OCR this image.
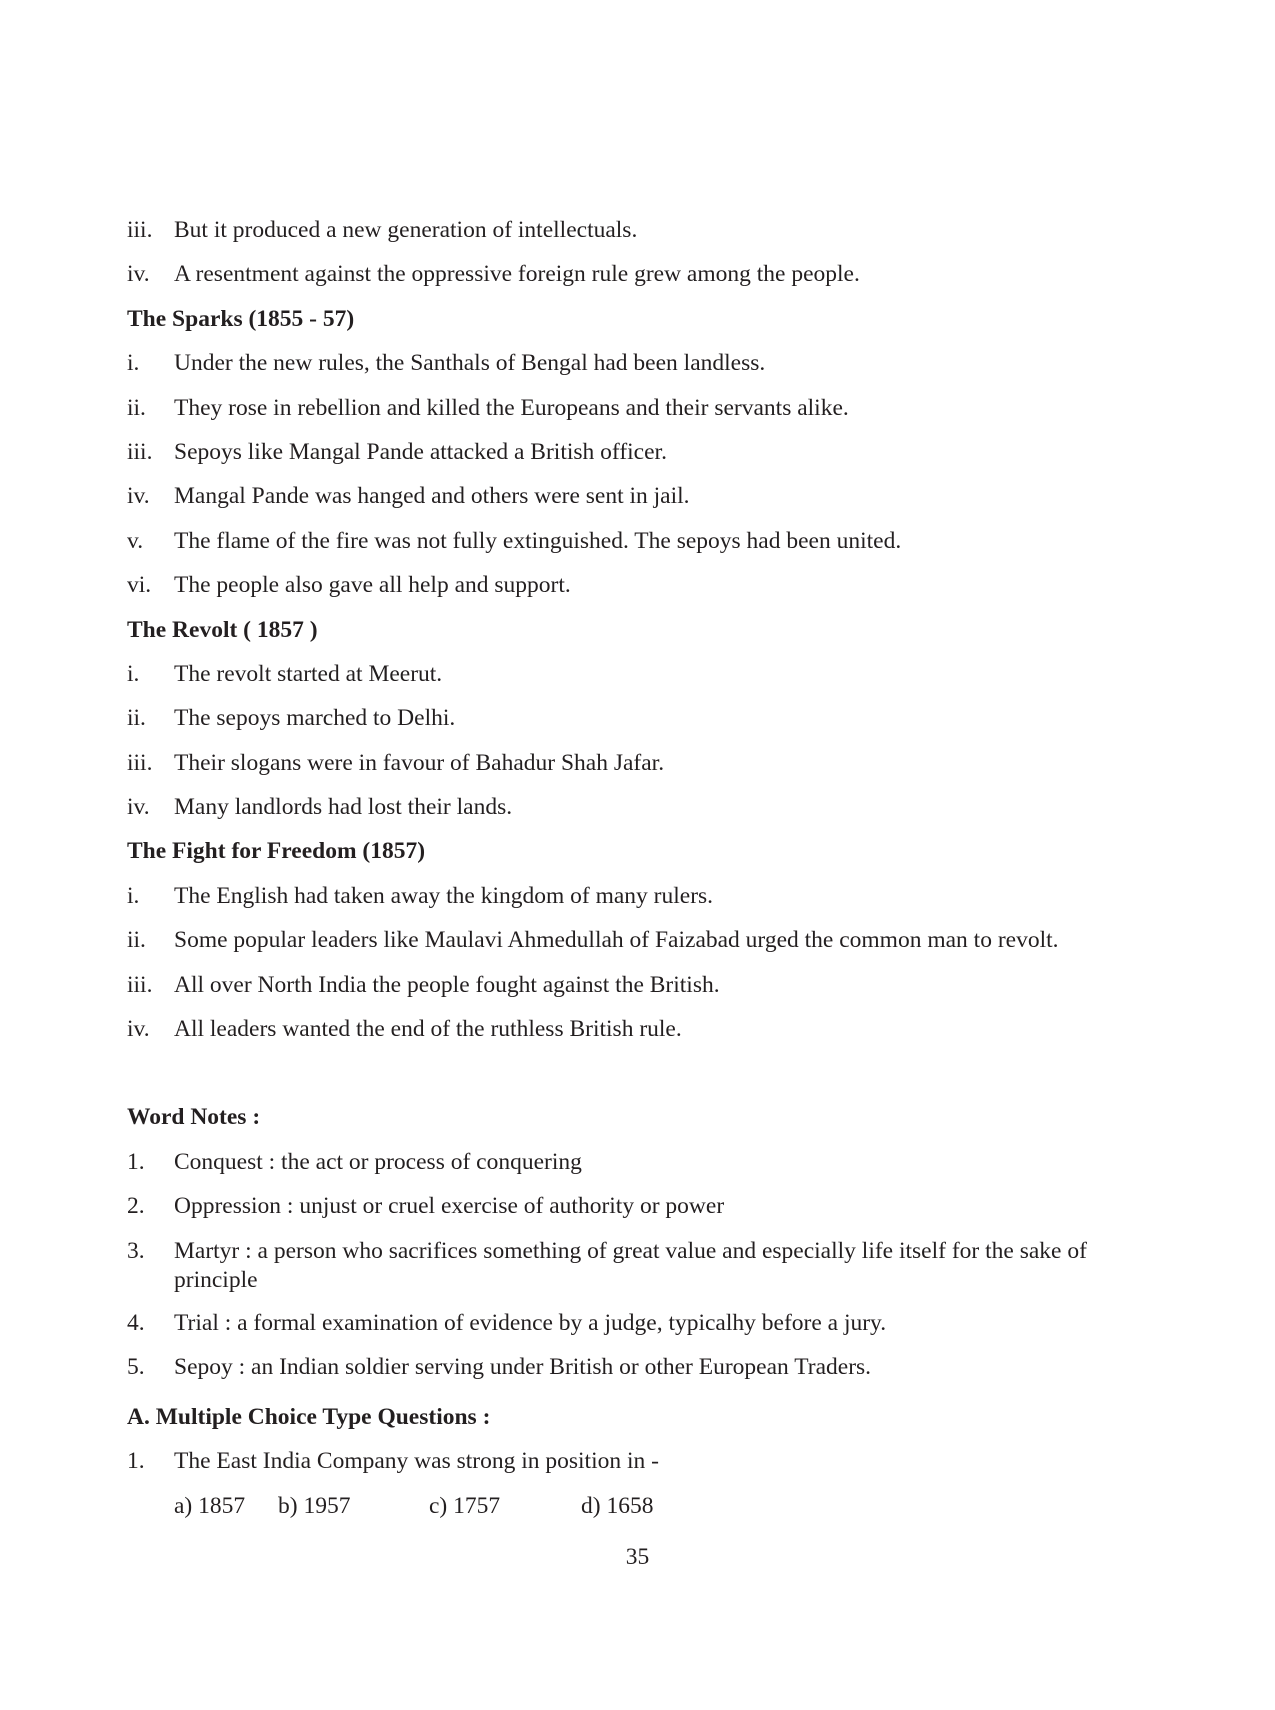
iii. But it produced a new generation of intellectuals.
iv. A resentment against the oppressive foreign rule grew among the people.
The Sparks (1855 - 57)
i. Under the new rules, the Santhals of Bengal had been landless.
ii. They rose in rebellion and killed the Europeans and their servants alike.
iii. Sepoys like Mangal Pande attacked a British officer.
iv. Mangal Pande was hanged and others were sent in jail.
v. The flame of the fire was not fully extinguished. The sepoys had been united.
vi. The people also gave all help and support.
The Revolt ( 1857 )
i. The revolt started at Meerut.
ii. The sepoys marched to Delhi.
iii. Their slogans were in favour of Bahadur Shah Jafar.
iv. Many landlords had lost their lands.
The Fight for Freedom (1857)
i. The English had taken away the kingdom of many rulers.
ii. Some popular leaders like Maulavi Ahmedullah of Faizabad urged the common man to revolt.
iii. All over North India the people fought against the British.
iv. All leaders wanted the end of the ruthless British rule.
Word Notes :
1. Conquest : the act or process of conquering
2. Oppression : unjust or cruel exercise of authority or power
3. Martyr : a person who sacrifices something of great value and especially life itself for the sake of principle
4. Trial : a formal examination of evidence by a judge, typicalhy before a jury.
5. Sepoy : an Indian soldier serving under British or other European Traders.
A. Multiple Choice Type Questions :
1. The East India Company was strong in position in -
a) 1857 b) 1957	c) 1757	d) 1658
35
